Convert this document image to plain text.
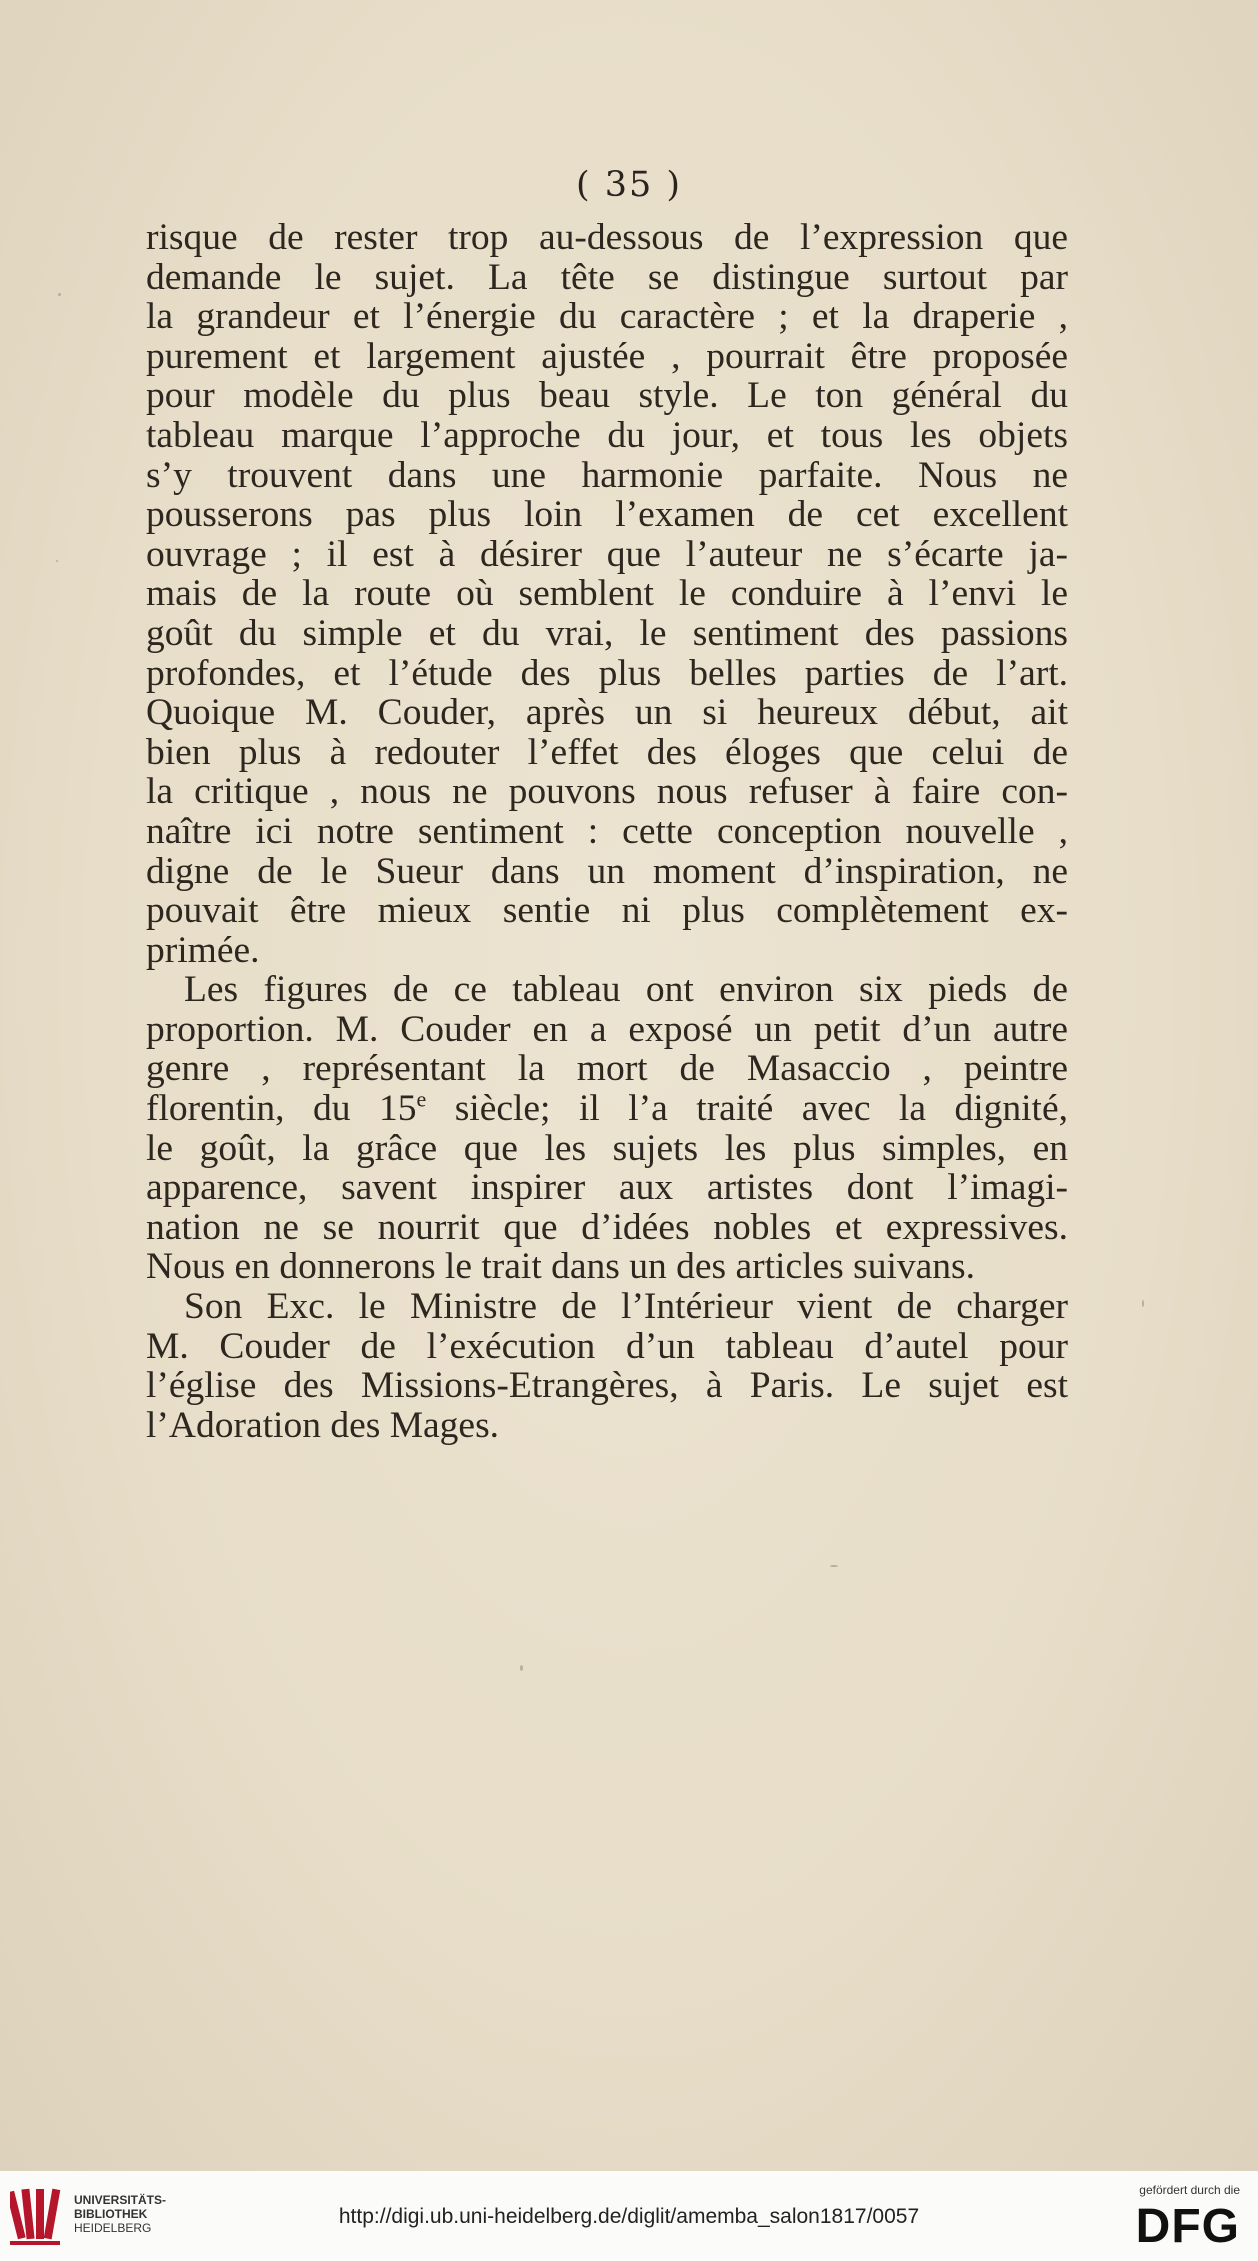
( 35 )
risque de rester trop au-dessous de l’expression que
demande le sujet. La tête se distingue surtout par
la grandeur et l’énergie du caractère ; et la draperie ,
purement et largement ajustée , pourrait être proposée
pour modèle du plus beau style. Le ton général du
tableau marque l’approche du jour, et tous les objets
s’y trouvent dans une harmonie parfaite. Nous ne
pousserons pas plus loin l’examen de cet excellent
ouvrage ; il est à désirer que l’auteur ne s’écarte ja-
mais de la route où semblent le conduire à l’envi le
goût du simple et du vrai, le sentiment des passions
profondes, et l’étude des plus belles parties de l’art.
Quoique M. Couder, après un si heureux début, ait
bien plus à redouter l’effet des éloges que celui de
la critique , nous ne pouvons nous refuser à faire con-
naître ici notre sentiment : cette conception nouvelle ,
digne de le Sueur dans un moment d’inspiration, ne
pouvait être mieux sentie ni plus complètement ex-
primée.
Les figures de ce tableau ont environ six pieds de
proportion. M. Couder en a exposé un petit d’un autre
genre , représentant la mort de Masaccio , peintre
florentin, du 15e siècle; il l’a traité avec la dignité,
le goût, la grâce que les sujets les plus simples, en
apparence, savent inspirer aux artistes dont l’imagi-
nation ne se nourrit que d’idées nobles et expressives.
Nous en donnerons le trait dans un des articles suivans.
Son Exc. le Ministre de l’Intérieur vient de charger
M. Couder de l’exécution d’un tableau d’autel pour
l’église des Missions-Etrangères, à Paris. Le sujet est
l’Adoration des Mages.
UNIVERSITÄTS-
BIBLIOTHEK
HEIDELBERG	http://digi.ub.uni-heidelberg.de/diglit/amemba_salon1817/0057
gefördert durch die
DFG
